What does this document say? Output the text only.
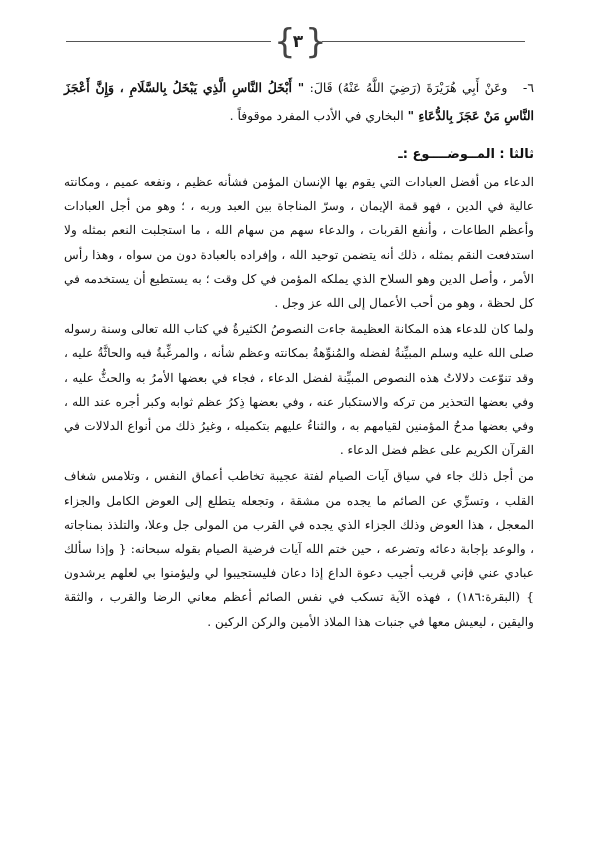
{
٣ }

٦- وعَنْ أَبِي هُرَيْرَةَ (رَضِيَ اللَّهُ عَنْهُ) قَالَ: " أَبْخَلُ النَّاسِ الَّذِي يَبْخَلُ بِالسَّلَامِ ، وَإِنَّ أَعْجَزَ النَّاسِ مَنْ عَجَزَ بِالدُّعَاءِ " البخاري في الأدب المفرد موقوفاً .

ثالثا : المــوضــــوع :ـ

الدعاء من أفضل العبادات التي يقوم بها الإنسان المؤمن فشأنه عظيم ، ونفعه عميم ، ومكانته عالية في الدين ، فهو قمة الإيمان ، وسرّ المناجاة بين العبد وربه ، ؛ وهو من أجل العبادات وأعظم الطاعات ، وأنفع القربات ، والدعاء سهم من سهام الله ، ما استجلبت النعم بمثله ولا استدفعت النقم بمثله ، ذلك أنه يتضمن توحيد الله ، وإفراده بالعبادة دون من سواه ، وهذا رأس الأمر ، وأصل الدين وهو السلاح الذي يملكه المؤمن في كل وقت ؛ به يستطيع أن يستخدمه في كل لحظة ، وهو من أحب الأعمال إلى الله عز وجل .

ولما كان للدعاء هذه المكانة العظيمة جاءت النصوصُ الكثيرةُ في كتاب الله تعالى وسنة رسوله صلى الله عليه وسلم المبيِّنةُ لفضله والمُنوِّهةُ بمكانته وعظم شأنه ، والمرغِّبةُ فيه والحاثَّةُ عليه ، وقد تنوّعت دلالاتُ هذه النصوص المبيِّنة لفضل الدعاء ، فجاء في بعضها الأمرُ به والحثُّ عليه ، وفي بعضها التحذير من تركه والاستكبار عنه ، وفي بعضها ذِكرُ عظم ثوابه وكبر أجره عند الله ، وفي بعضها مدحُ المؤمنين لقيامهم به ، والثناءُ عليهم بتكميله ، وغيرُ ذلك من أنواع الدلالات في القرآن الكريم على عظم فضل الدعاء .

من أجل ذلك جاء في سياق آيات الصيام لفتة عجيبة تخاطب أعماق النفس ، وتلامس شغاف القلب ، وتسرِّي عن الصائم ما يجده من مشقة ، وتجعله يتطلع إلى العوض الكامل والجزاء المعجل ، هذا العوض وذلك الجزاء الذي يجده في القرب من المولى جل وعلا، والتلذذ بمناجاته ، والوعد بإجابة دعائه وتضرعه ، حين ختم الله آيات فرضية الصيام بقوله سبحانه: { وإذا سألك عبادي عني فإني قريب أجيب دعوة الداع إذا دعان فليستجيبوا لي وليؤمنوا بي لعلهم يرشدون } (البقرة:١٨٦) ، فهذه الآية تسكب في نفس الصائم أعظم معاني الرضا والقرب ، والثقة واليقين ، ليعيش معها في جنبات هذا الملاذ الأمين والركن الركين .
